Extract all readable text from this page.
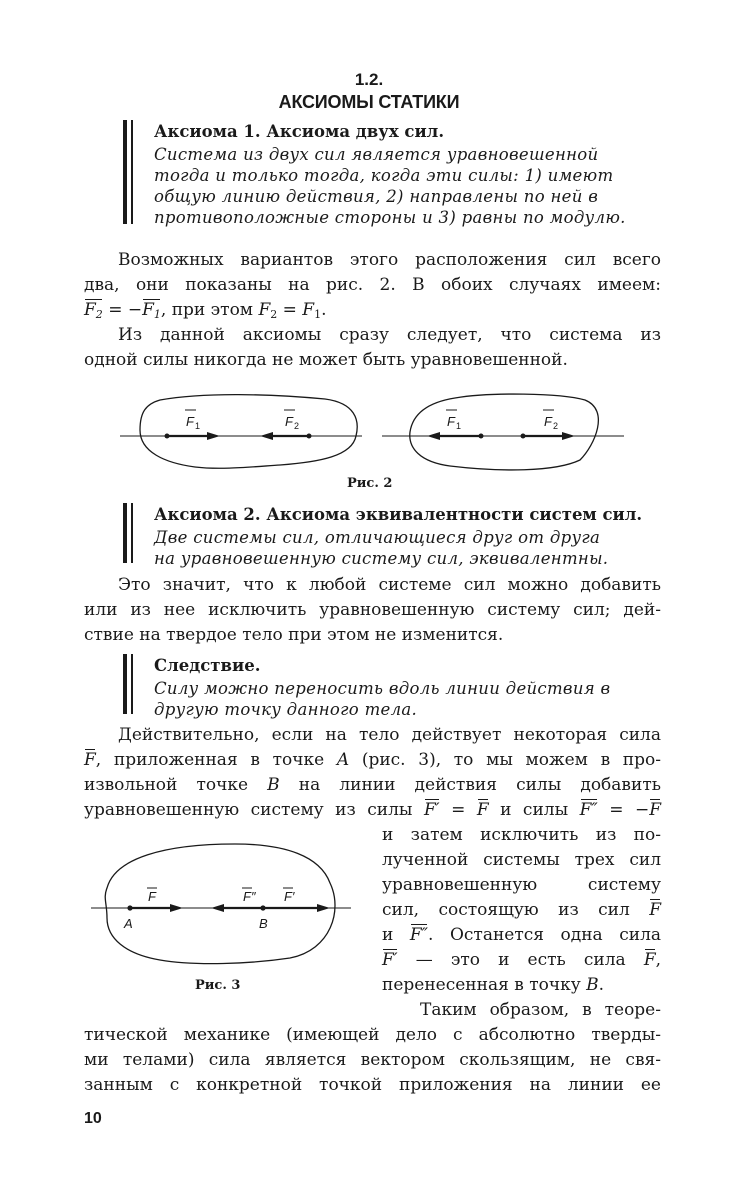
1.2.
АКСИОМЫ СТАТИКИ
Аксиома 1. Аксиома двух сил.
Система из двух сил является уравновешенной
тогда и только тогда, когда эти силы: 1) имеют
общую линию действия, 2) направлены по ней в
противоположные стороны и 3) равны по модулю.
Возможных вариантов этого расположения сил всего
два, они показаны на рис. 2. В обоих случаях имеем:
$F_2 = -F_1$, при этом $F_2 = F_1$.
Из данной аксиомы сразу следует, что система из
одной силы никогда не может быть уравновешенной.
F 1	F 2	F 1	F 2
Рис. 2
Аксиома 2. Аксиома эквивалентности систем сил.
Две системы сил, отличающиеся друг от друга
на уравновешенную систему сил, эквивалентны.
Это значит, что к любой системе сил можно добавить
или из нее исключить уравновешенную систему сил; дей-
ствие на твердое тело при этом не изменится.
Следствие.
Силу можно переносить вдоль линии действия в
другую точку данного тела.
Действительно, если на тело действует некоторая сила
F, приложенная в точке A (рис. 3), то мы можем в про-
извольной точке B на линии действия силы добавить
уравновешенную систему из силы F′ = F и силы F″ = −F
и затем исключить из по-
лученной системы трех сил
уравновешенную систему
сил, состоящую из сил F
и F″. Останется одна сила
F′ — это и есть сила F,
перенесенная в точку B.
Таким образом, в теоре-
F	F″ F′
A	B
Рис. 3
тической механике (имеющей дело с абсолютно тверды-
ми телами) сила является вектором скользящим, не свя-
занным с конкретной точкой приложения на линии ее
10
